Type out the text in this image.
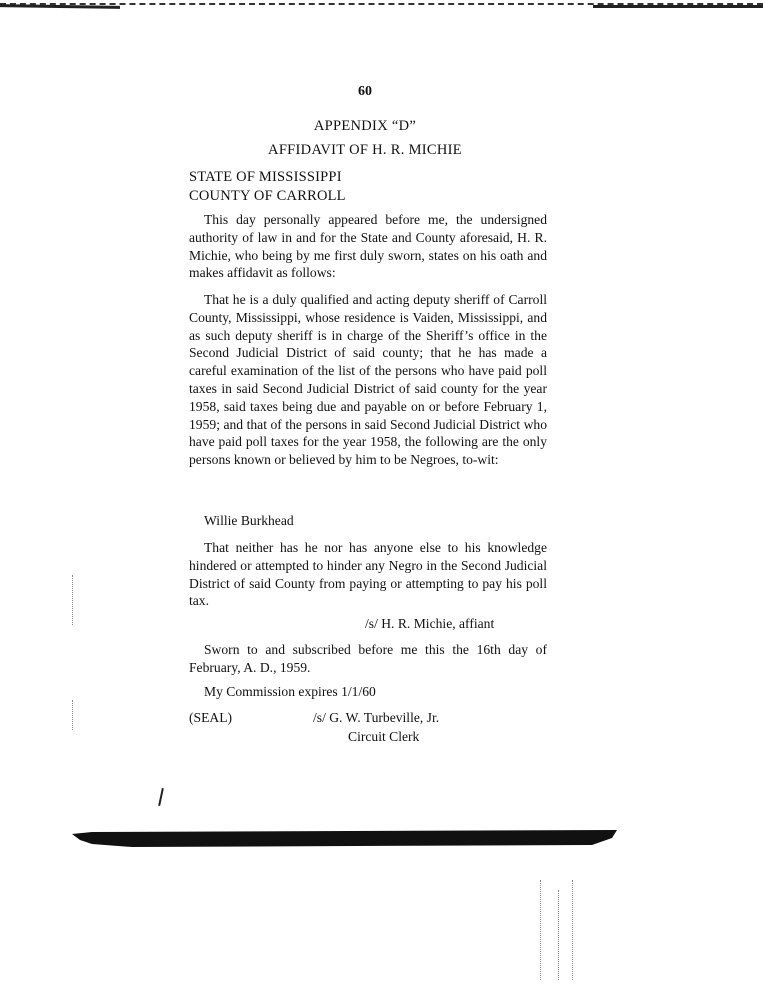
60
APPENDIX “D”
AFFIDAVIT OF H. R. MICHIE
STATE OF MISSISSIPPI
COUNTY OF CARROLL
This day personally appeared before me, the undersigned authority of law in and for the State and County aforesaid, H. R. Michie, who being by me first duly sworn, states on his oath and makes affidavit as follows:
That he is a duly qualified and acting deputy sheriff of Carroll County, Mississippi, whose residence is Vaiden, Mississippi, and as such deputy sheriff is in charge of the Sheriff’s office in the Second Judicial District of said county; that he has made a careful examination of the list of the persons who have paid poll taxes in said Second Judicial District of said county for the year 1958, said taxes being due and payable on or before February 1, 1959; and that of the persons in said Second Judicial District who have paid poll taxes for the year 1958, the following are the only persons known or believed by him to be Negroes, to-wit:
Willie Burkhead
That neither has he nor has anyone else to his knowledge hindered or attempted to hinder any Negro in the Second Judicial District of said County from paying or attempting to pay his poll tax.
/s/ H. R. Michie, affiant
Sworn to and subscribed before me this the 16th day of February, A. D., 1959.
My Commission expires 1/1/60
(SEAL)	/s/ G. W. Turbeville, Jr.
Circuit Clerk
